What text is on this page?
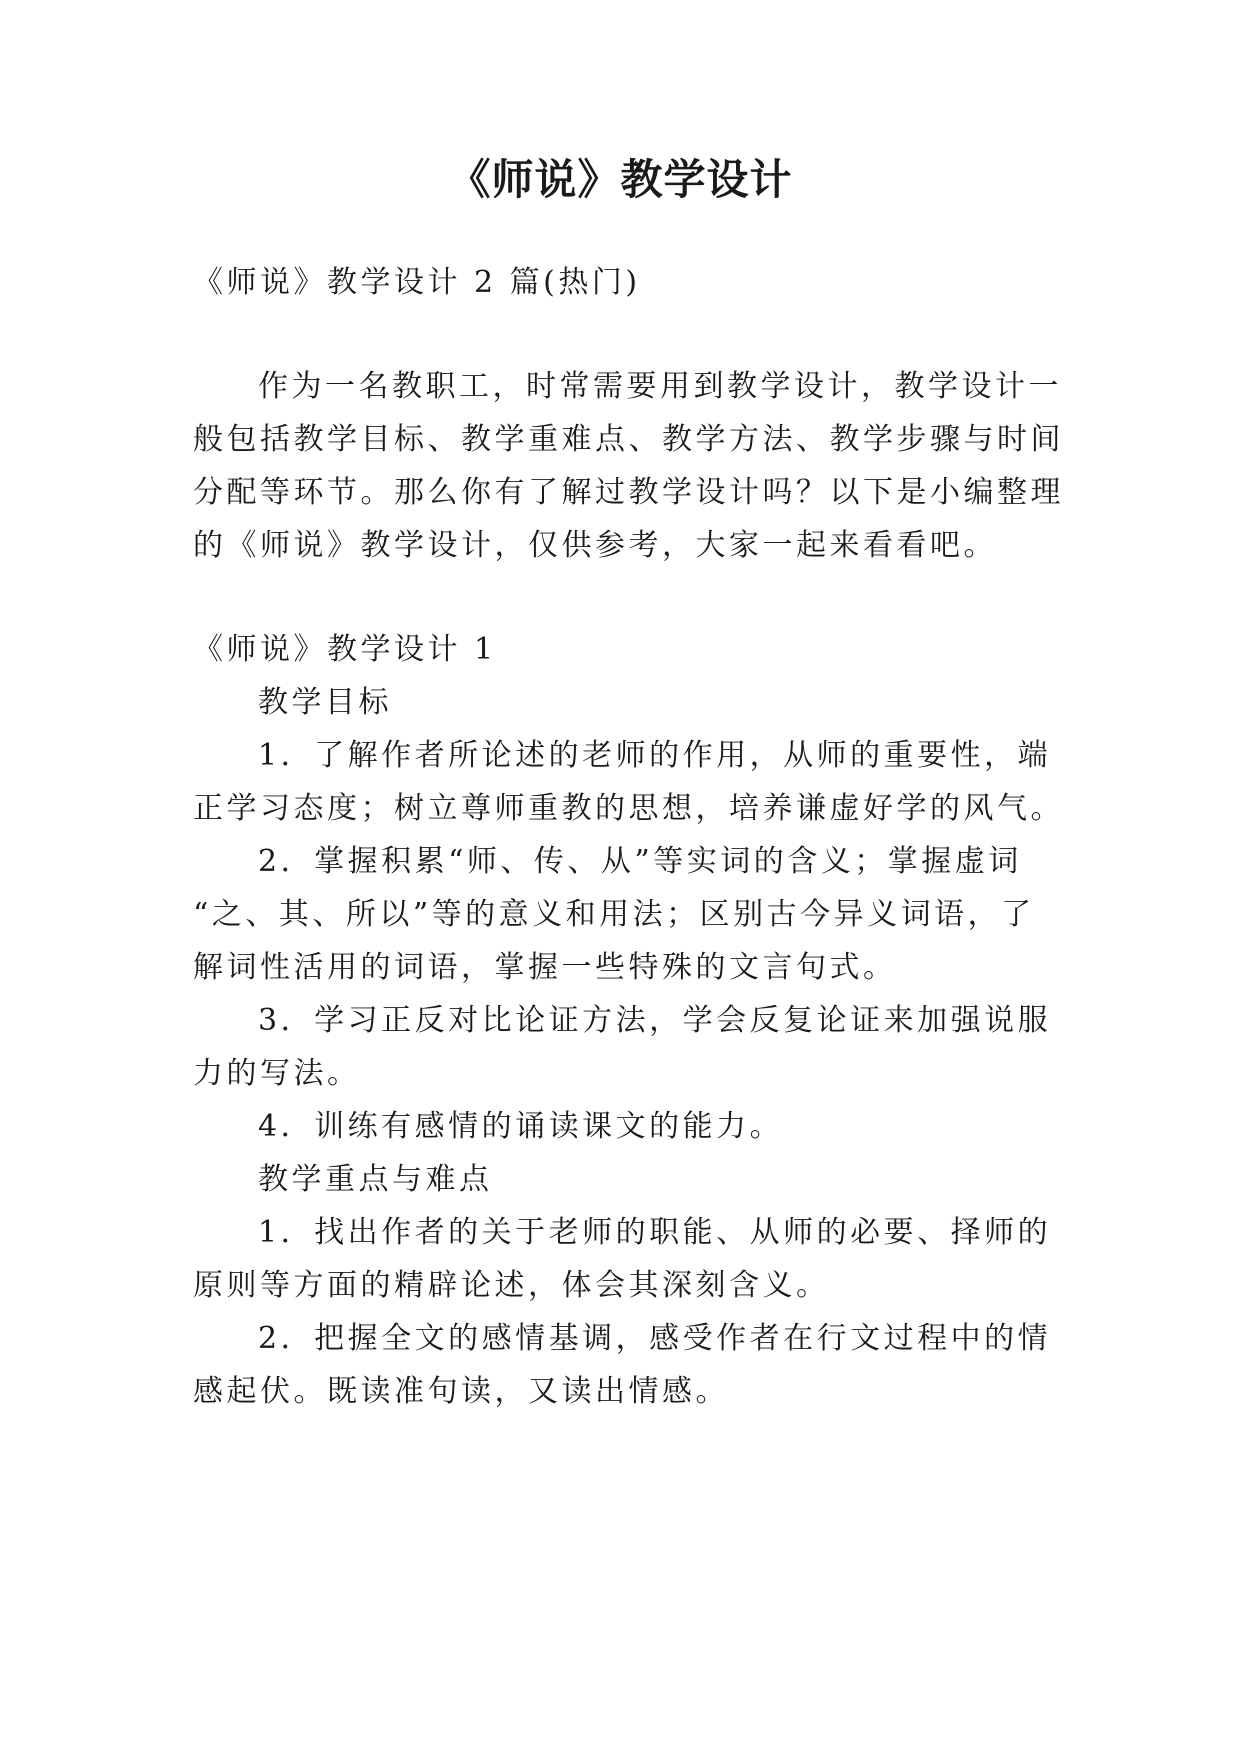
《师说》教学设计
《师说》教学设计 2 篇(热门)
作为一名教职工，时常需要用到教学设计，教学设计一
般包括教学目标、教学重难点、教学方法、教学步骤与时间
分配等环节。那么你有了解过教学设计吗？以下是小编整理
的《师说》教学设计，仅供参考，大家一起来看看吧。
《师说》教学设计 1
教学目标
1．了解作者所论述的老师的作用，从师的重要性，端
正学习态度；树立尊师重教的思想，培养谦虚好学的风气。
2．掌握积累“师、传、从”等实词的含义；掌握虚词
“之、其、所以”等的意义和用法；区别古今异义词语，了
解词性活用的词语，掌握一些特殊的文言句式。
3．学习正反对比论证方法，学会反复论证来加强说服
力的写法。
4．训练有感情的诵读课文的能力。
教学重点与难点
1．找出作者的关于老师的职能、从师的必要、择师的
原则等方面的精辟论述，体会其深刻含义。
2．把握全文的感情基调，感受作者在行文过程中的情
感起伏。既读准句读，又读出情感。
